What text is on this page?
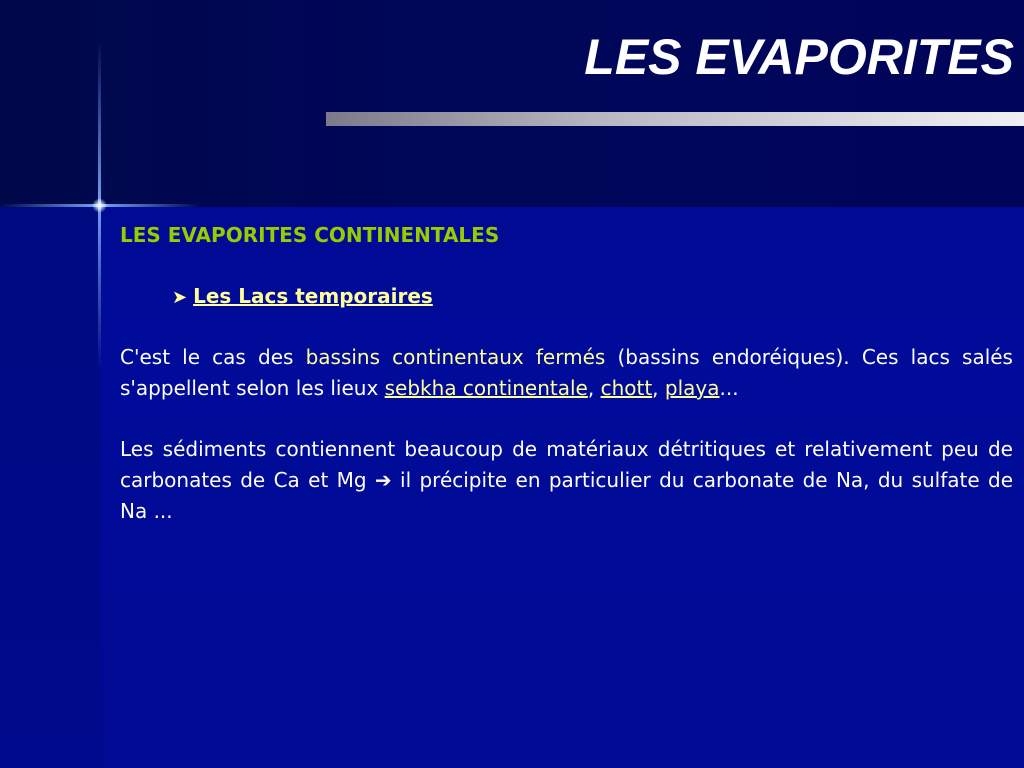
LES EVAPORITES

LES EVAPORITES CONTINENTALES

➤ Les Lacs temporaires

C'est le cas des bassins continentaux fermés (bassins endoréiques). Ces lacs salés s'appellent selon les lieux sebkha continentale, chott, playa...

Les sédiments contiennent beaucoup de matériaux détritiques et relativement peu de carbonates de Ca et Mg ➔ il précipite en particulier du carbonate de Na, du sulfate de Na ...
